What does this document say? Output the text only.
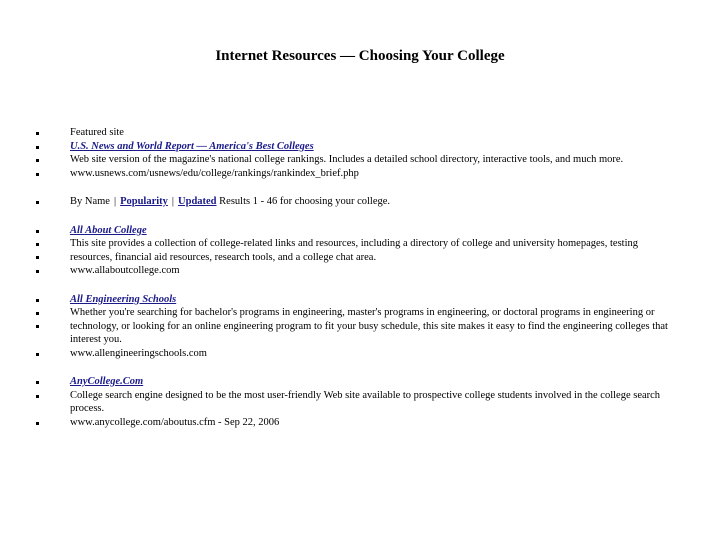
Internet Resources — Choosing Your College
Featured site
U.S. News and World Report — America's Best Colleges
Web site version of the magazine's national college rankings. Includes a detailed school directory, interactive tools, and much more.
www.usnews.com/usnews/edu/college/rankings/rankindex_brief.php
By Name | Popularity | Updated Results 1 - 46 for choosing your college.
All About College
This site provides a collection of college-related links and resources, including a directory of college and university homepages, testing resources, financial aid resources, research tools, and a college chat area.
www.allaboutcollege.com
All Engineering Schools
Whether you're searching for bachelor's programs in engineering, master's programs in engineering, or doctoral programs in engineering or technology, or looking for an online engineering program to fit your busy schedule, this site makes it easy to find the engineering colleges that interest you.
www.allengineeringschools.com
AnyCollege.Com
College search engine designed to be the most user-friendly Web site available to prospective college students involved in the college search process.
www.anycollege.com/aboutus.cfm - Sep 22, 2006
